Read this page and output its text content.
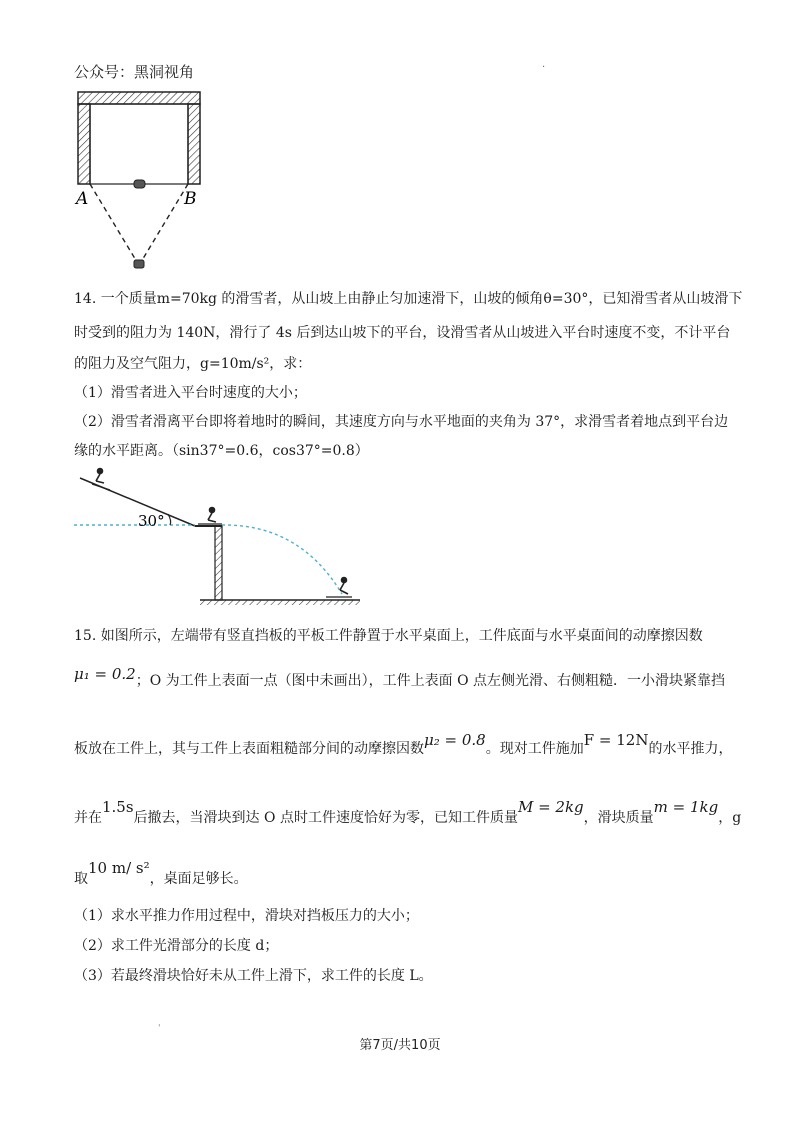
公众号：黑洞视角	·
A	B
14. 一个质量m=70kg 的滑雪者，从山坡上由静止匀加速滑下，山坡的倾角θ=30°，已知滑雪者从山坡滑下
时受到的阻力为 140N，滑行了 4s 后到达山坡下的平台，设滑雪者从山坡进入平台时速度不变，不计平台
的阻力及空气阻力，g=10m/s²，求：
（1）滑雪者进入平台时速度的大小；
（2）滑雪者滑离平台即将着地时的瞬间，其速度方向与水平地面的夹角为 37°，求滑雪者着地点到平台边
缘的水平距离。（sin37°=0.6，cos37°=0.8）
30°
15. 如图所示，左端带有竖直挡板的平板工件静置于水平桌面上，工件底面与水平桌面间的动摩擦因数
μ₁ = 0.2；O 为工件上表面一点（图中未画出），工件上表面 O 点左侧光滑、右侧粗糙．一小滑块紧靠挡
板放在工件上，其与工件上表面粗糙部分间的动摩擦因数μ₂ = 0.8。现对工件施加F = 12N的水平推力，
并在1.5s后撤去，当滑块到达 O 点时工件速度恰好为零，已知工件质量M = 2kg，滑块质量m = 1kg，g
取10 m/ s²，桌面足够长。
（1）求水平推力作用过程中，滑块对挡板压力的大小；
（2）求工件光滑部分的长度 d；
（3）若最终滑块恰好未从工件上滑下，求工件的长度 L。
'
第7页/共10页
